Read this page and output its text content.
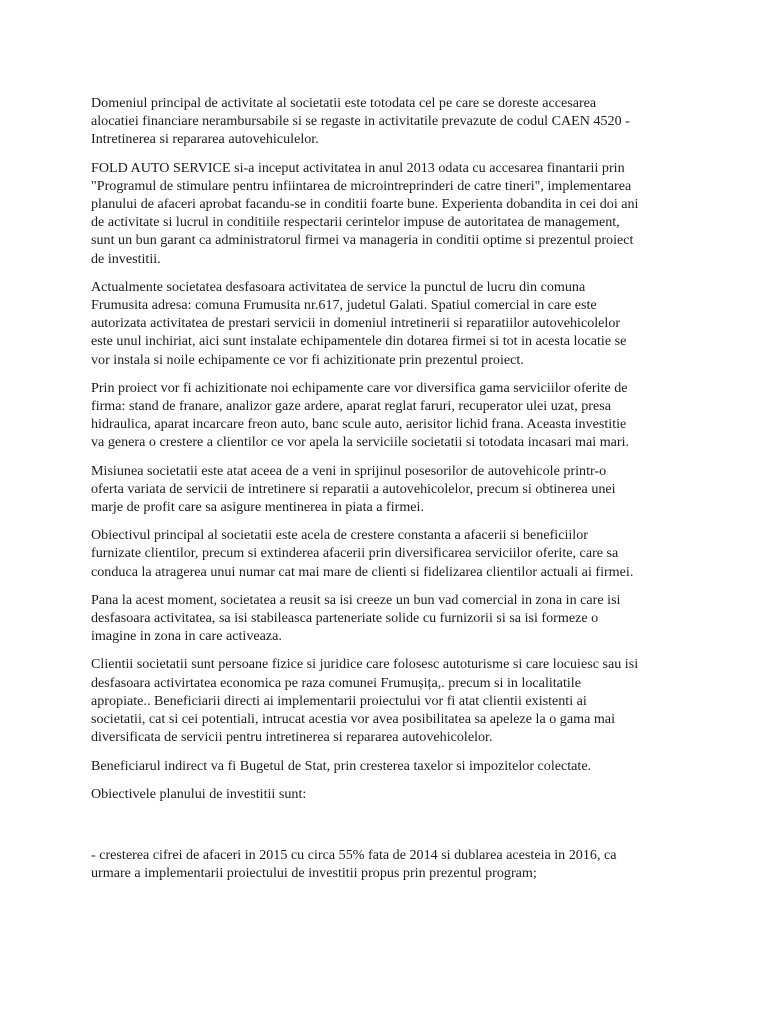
Domeniul principal de activitate al societatii este totodata cel pe care se doreste accesarea
alocatiei financiare nerambursabile si se regaste in activitatile prevazute de codul CAEN 4520 -
Intretinerea si repararea autovehiculelor.

FOLD AUTO SERVICE si-a inceput activitatea in anul 2013 odata cu accesarea finantarii prin
"Programul de stimulare pentru infiintarea de microintreprinderi de catre tineri", implementarea
planului de afaceri aprobat facandu-se in conditii foarte bune. Experienta dobandita in cei doi ani
de activitate si lucrul in conditiile respectarii cerintelor impuse de autoritatea de management,
sunt un bun garant ca administratorul firmei va manageria in conditii optime si prezentul proiect
de investitii.

Actualmente societatea desfasoara activitatea de service la punctul de lucru din comuna
Frumusita adresa: comuna Frumusita nr.617, judetul Galati. Spatiul comercial in care este
autorizata activitatea de prestari servicii in domeniul intretinerii si reparatiilor autovehicolelor
este unul inchiriat, aici sunt instalate echipamentele din dotarea firmei si tot in acesta locatie se
vor instala si noile echipamente ce vor fi achizitionate prin prezentul proiect.

Prin proiect vor fi achizitionate noi echipamente care vor diversifica gama serviciilor oferite de
firma: stand de franare, analizor gaze ardere, aparat reglat faruri, recuperator ulei uzat, presa
hidraulica, aparat incarcare freon auto, banc scule auto, aerisitor lichid frana. Aceasta investitie
va genera o crestere a clientilor ce vor apela la serviciile societatii si totodata incasari mai mari.

Misiunea societatii este atat aceea de a veni in sprijinul posesorilor de autovehicole printr-o
oferta variata de servicii de intretinere si reparatii a autovehicolelor, precum si obtinerea unei
marje de profit care sa asigure mentinerea in piata a firmei.

Obiectivul principal al societatii este acela de crestere constanta a afacerii si beneficiilor
furnizate clientilor, precum si extinderea afacerii prin diversificarea serviciilor oferite, care sa
conduca la atragerea unui numar cat mai mare de clienti si fidelizarea clientilor actuali ai firmei.

Pana la acest moment, societatea a reusit sa isi creeze un bun vad comercial in zona in care isi
desfasoara activitatea, sa isi stabileasca parteneriate solide cu furnizorii si sa isi formeze o
imagine in zona in care activeaza.

Clientii societatii sunt persoane fizice si juridice care folosesc autoturisme si care locuiesc sau isi
desfasoara activirtatea economica pe raza comunei Frumușița,. precum si in localitatile
apropiate.. Beneficiarii directi ai implementarii proiectului vor fi atat clientii existenti ai
societatii, cat si cei potentiali, intrucat acestia vor avea posibilitatea sa apeleze la o gama mai
diversificata de servicii pentru intretinerea si repararea autovehicolelor.

Beneficiarul indirect va fi Bugetul de Stat, prin cresterea taxelor si impozitelor colectate.

Obiectivele planului de investitii sunt:

- cresterea cifrei de afaceri in 2015 cu circa 55% fata de 2014 si dublarea acesteia in 2016, ca
urmare a implementarii proiectului de investitii propus prin prezentul program;
